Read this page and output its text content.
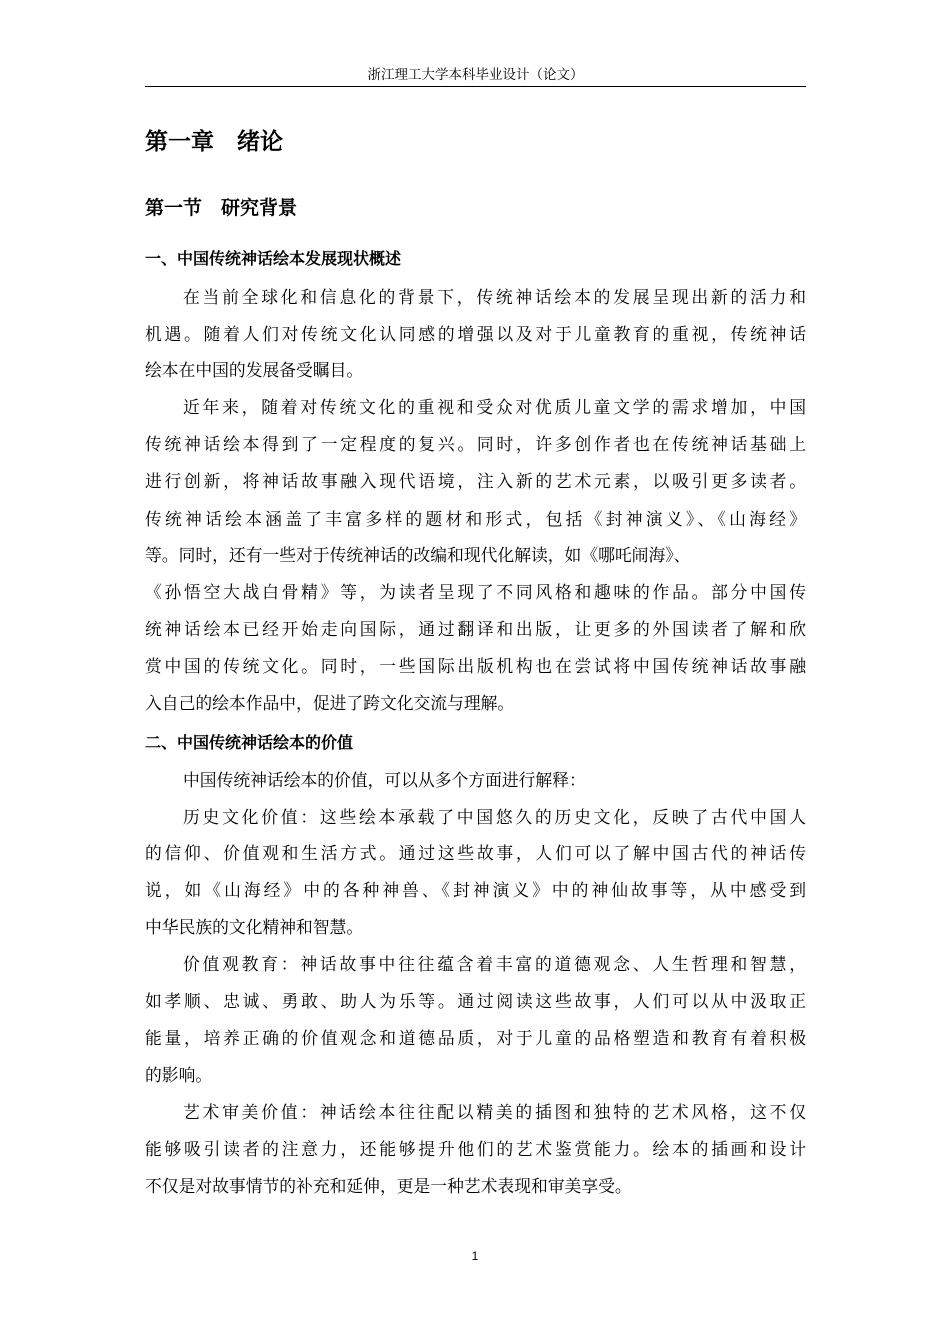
浙江理工大学本科毕业设计（论文）
第一章　绪论
第一节　研究背景
一、中国传统神话绘本发展现状概述
在当前全球化和信息化的背景下，传统神话绘本的发展呈现出新的活力和
机遇。随着人们对传统文化认同感的增强以及对于儿童教育的重视，传统神话
绘本在中国的发展备受瞩目。
近年来，随着对传统文化的重视和受众对优质儿童文学的需求增加，中国
传统神话绘本得到了一定程度的复兴。同时，许多创作者也在传统神话基础上
进行创新，将神话故事融入现代语境，注入新的艺术元素，以吸引更多读者。
传统神话绘本涵盖了丰富多样的题材和形式，包括《封神演义》、《山海经》
等。同时，还有一些对于传统神话的改编和现代化解读，如《哪吒闹海》、
《孙悟空大战白骨精》等，为读者呈现了不同风格和趣味的作品。部分中国传
统神话绘本已经开始走向国际，通过翻译和出版，让更多的外国读者了解和欣
赏中国的传统文化。同时，一些国际出版机构也在尝试将中国传统神话故事融
入自己的绘本作品中，促进了跨文化交流与理解。
二、中国传统神话绘本的价值
中国传统神话绘本的价值，可以从多个方面进行解释：
历史文化价值：这些绘本承载了中国悠久的历史文化，反映了古代中国人
的信仰、价值观和生活方式。通过这些故事，人们可以了解中国古代的神话传
说，如《山海经》中的各种神兽、《封神演义》中的神仙故事等，从中感受到
中华民族的文化精神和智慧。
价值观教育：神话故事中往往蕴含着丰富的道德观念、人生哲理和智慧，
如孝顺、忠诚、勇敢、助人为乐等。通过阅读这些故事，人们可以从中汲取正
能量，培养正确的价值观念和道德品质，对于儿童的品格塑造和教育有着积极
的影响。
艺术审美价值：神话绘本往往配以精美的插图和独特的艺术风格，这不仅
能够吸引读者的注意力，还能够提升他们的艺术鉴赏能力。绘本的插画和设计
不仅是对故事情节的补充和延伸，更是一种艺术表现和审美享受。
1
